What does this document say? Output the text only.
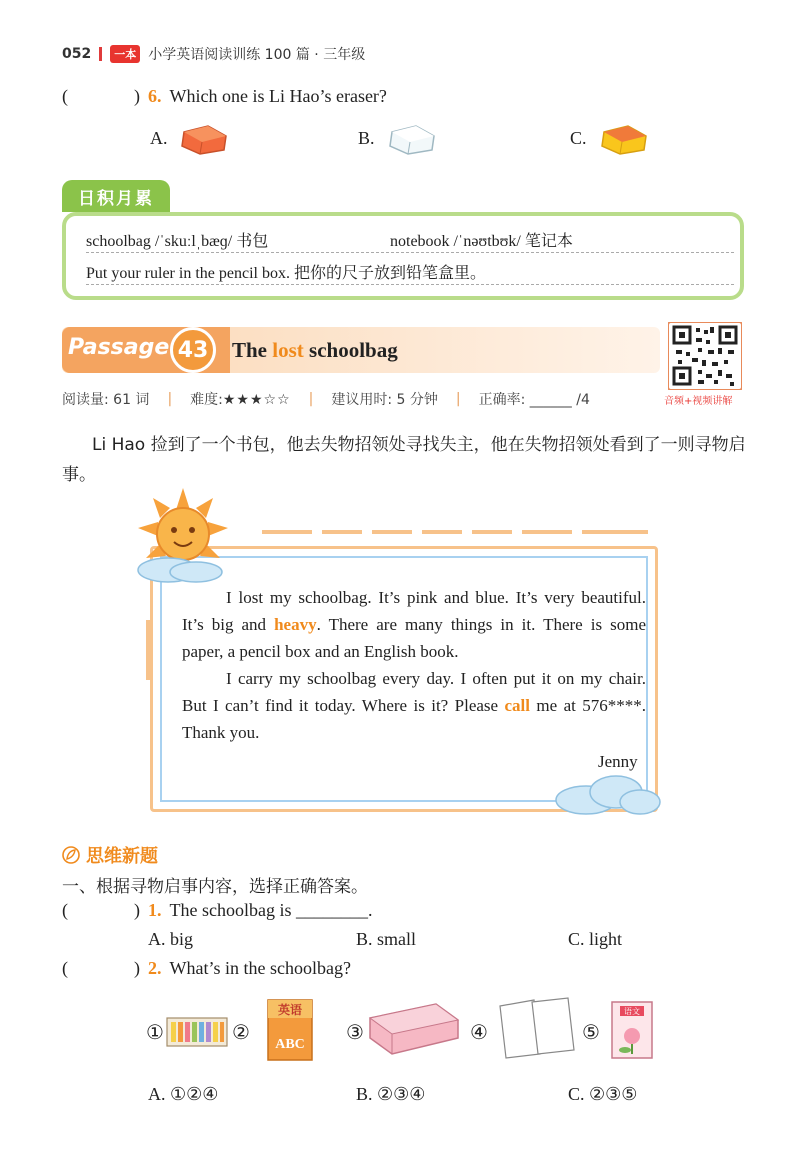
052	一本 小学英语阅读训练 100 篇 · 三年级
(	) 6. Which one is Li Hao’s eraser?
A.	B.	C.
日积月累
schoolbag /ˈskuːlˌbæɡ/ 书包	notebook /ˈnəʊtbʊk/ 笔记本
Put your ruler in the pencil box. 把你的尺子放到铅笔盒里。
Passage 43	The lost schoolbag
音频+视频讲解
阅读量: 61 词 | 难度:★★★☆☆ | 建议用时: 5 分钟 | 正确率: ______ /4
Li Hao 捡到了一个书包，他去失物招领处寻找失主，他在失物招领处看到了一则寻物启事。

I lost my schoolbag. It’s pink and blue. It’s very beautiful. It’s big and heavy. There are many things in it. There is some paper, a pencil box and an English book.

I carry my schoolbag every day. I often put it on my chair. But I can’t find it today. Where is it? Please call me at 576****. Thank you.

Jenny
思维新题
一、根据寻物启事内容，选择正确答案。
(	) 1. The schoolbag is ________.
A. big	B. small	C. light
(	) 2. What’s in the schoolbag?
①	②
英语
ABC
③	④	⑤
语文
A. ①②④	B. ②③④	C. ②③⑤
